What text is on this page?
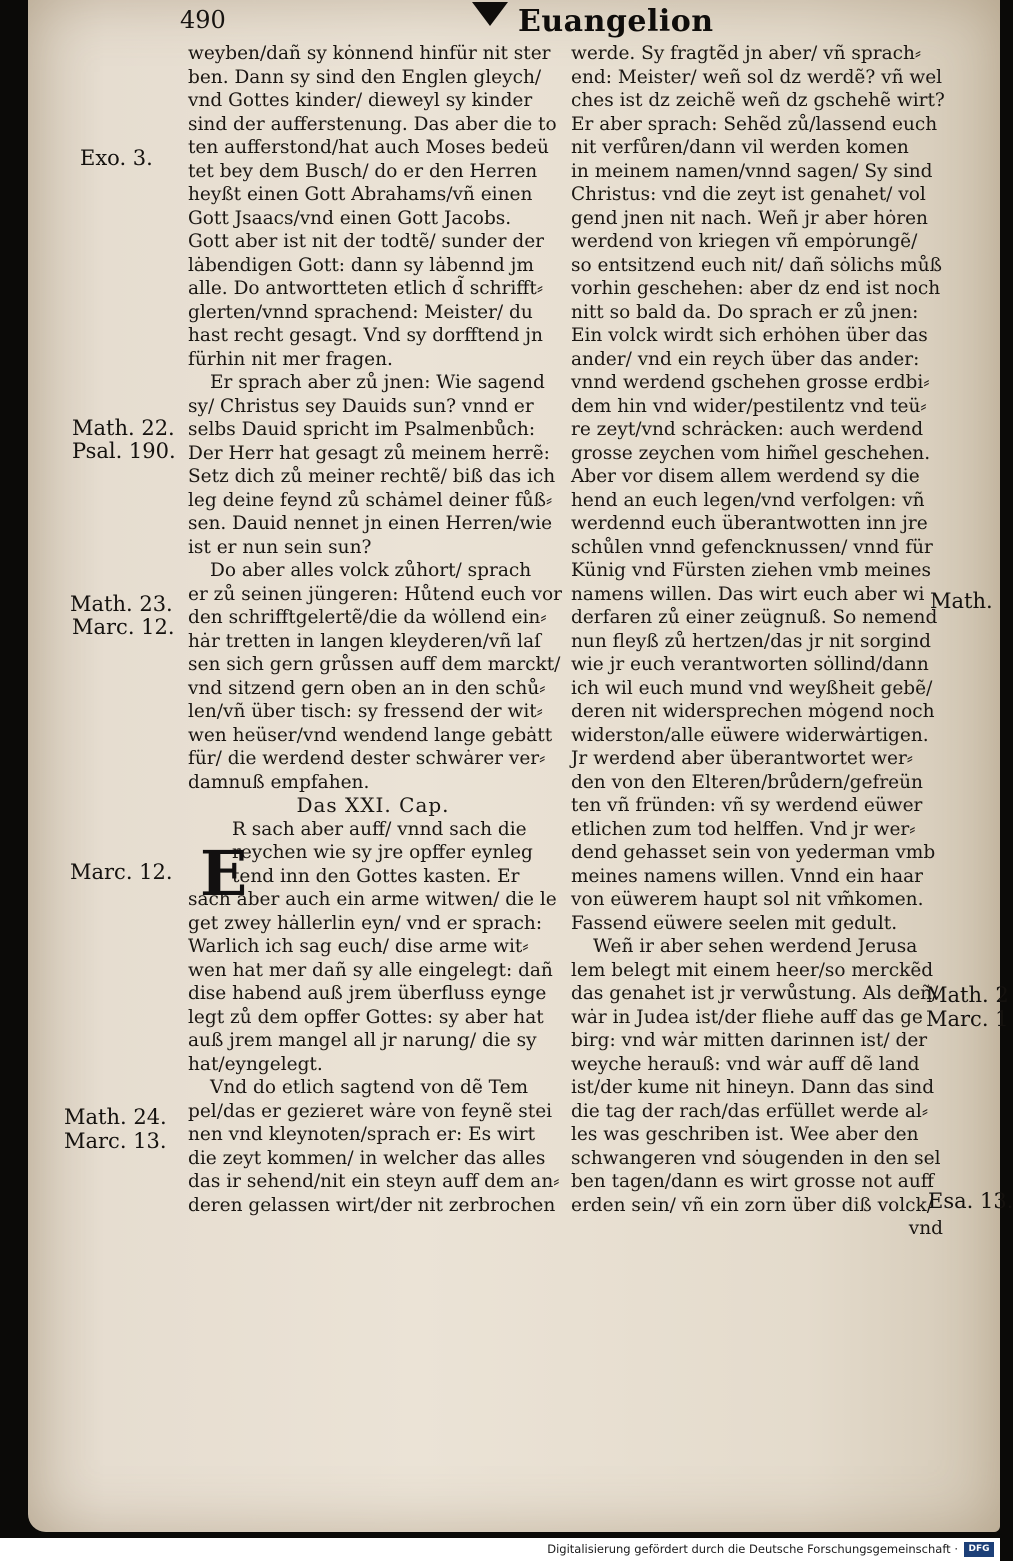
490	Euangelion
weyben/dañ sy kȯnnend hinfür nit ster
ben. Dann sy sind den Englen gleych/
vnd Gottes kinder/ dieweyl sy kinder
sind der aufferstenung. Das aber die to
ten aufferstond/hat auch Moses bedeü
tet bey dem Busch/ do er den Herren
heyßt einen Gott Abrahams/vñ einen
Gott Jsaacs/vnd einen Gott Jacobs.
Gott aber ist nit der todtẽ/ sunder der
lȧbendigen Gott: dann sy lȧbennd jm
alle. Do antwortteten etlich d̃ schrifft⸗
glerten/vnnd sprachend: Meister/ du
hast recht gesagt. Vnd sy dorfftend jn
fürhin nit mer fragen.
Er sprach aber zů jnen: Wie sagend
sy/ Christus sey Dauids sun? vnnd er
selbs Dauid spricht im Psalmenbůch:
Der Herr hat gesagt zů meinem herrẽ:
Setz dich zů meiner rechtẽ/ biß das ich
leg deine feynd zů schȧmel deiner fůß⸗
sen. Dauid nennet jn einen Herren/wie
ist er nun sein sun?
Do aber alles volck zůhort/ sprach
er zů seinen jüngeren: Hůtend euch vor
den schrifftgelertẽ/die da wȯllend ein⸗
hȧr tretten in langen kleyderen/vñ laſ
sen sich gern grůssen auff dem marckt/
vnd sitzend gern oben an in den schů⸗
len/vñ über tisch: sy fressend der wit⸗
wen heüser/vnd wendend lange gebȧtt
für/ die werdend dester schwȧrer ver⸗
damnuß empfahen.
Das XXI. Cap.
R sach aber auff/ vnnd sach die
reychen wie sy jre opffer eynleg
tend inn den Gottes kasten. Er
sach aber auch ein arme witwen/ die le
get zwey hȧllerlin eyn/ vnd er sprach:
Warlich ich sag euch/ dise arme wit⸗
wen hat mer dañ sy alle eingelegt: dañ
dise habend auß jrem überfluss eynge
legt zů dem opffer Gottes: sy aber hat
auß jrem mangel all jr narung/ die sy
hat/eyngelegt.
Vnd do etlich sagtend von dẽ Tem
pel/das er gezieret wȧre von feynẽ stei
nen vnd kleynoten/sprach er: Es wirt
die zeyt kommen/ in welcher das alles
das ir sehend/nit ein steyn auff dem an⸗
deren gelassen wirt/der nit zerbrochen
E
werde. Sy fragtẽd jn aber/ vñ sprach⸗
end: Meister/ weñ sol dz werdẽ? vñ wel
ches ist dz zeichẽ weñ dz gschehẽ wirt?
Er aber sprach: Sehẽd zů/lassend euch
nit verfůren/dann vil werden komen
in meinem namen/vnnd sagen/ Sy sind
Christus: vnd die zeyt ist genahet/ vol
gend jnen nit nach. Weñ jr aber hȯren
werdend von kriegen vñ empȯrungẽ/
so entsitzend euch nit/ dañ sȯlichs můß
vorhin geschehen: aber dz end ist noch
nitt so bald da. Do sprach er zů jnen:
Ein volck wirdt sich erhȯhen über das
ander/ vnd ein reych über das ander:
vnnd werdend gschehen grosse erdbi⸗
dem hin vnd wider/pestilentz vnd teü⸗
re zeyt/vnd schrȧcken: auch werdend
grosse zeychen vom him̃el geschehen.
Aber vor disem allem werdend sy die
hend an euch legen/vnd verfolgen: vñ
werdennd euch überantwotten inn jre
schůlen vnnd gefencknussen/ vnnd für
Künig vnd Fürsten ziehen vmb meines
namens willen. Das wirt euch aber wi
derfaren zů einer zeügnuß. So nemend
nun fleyß zů hertzen/das jr nit sorgind
wie jr euch verantworten sȯllind/dann
ich wil euch mund vnd weyßheit gebẽ/
deren nit widersprechen mȯgend noch
widerston/alle eüwere widerwȧrtigen.
Jr werdend aber überantwortet wer⸗
den von den Elteren/brůdern/gefreün
ten vñ fründen: vñ sy werdend eüwer
etlichen zum tod helffen. Vnd jr wer⸗
dend gehasset sein von yederman vmb
meines namens willen. Vnnd ein haar
von eüwerem haupt sol nit vm̃komen.
Fassend eüwere seelen mit gedult.
Weñ ir aber sehen werdend Jerusa
lem belegt mit einem heer/so merckẽd
das genahet ist jr verwůstung. Als deñ/
wȧr in Judea ist/der fliehe auff das ge
birg: vnd wȧr mitten darinnen ist/ der
weyche herauß: vnd wȧr auff dẽ land
ist/der kume nit hineyn. Dann das sind
die tag der rach/das erfüllet werde al⸗
les was geschriben ist. Wee aber den
schwangeren vnd sȯugenden in den sel
ben tagen/dann es wirt grosse not auff
erden sein/ vñ ein zorn über diß volck/
vnd
Exo. 3.
Math. 22.
Psal. 190.
Math. 23.
Marc. 12.
Marc. 12.
Math. 24.
Marc. 13.
Math.
Math. 2
Marc. 1
Esa. 13.
Digitalisierung gefördert durch die Deutsche Forschungsgemeinschaft ·	DFG
